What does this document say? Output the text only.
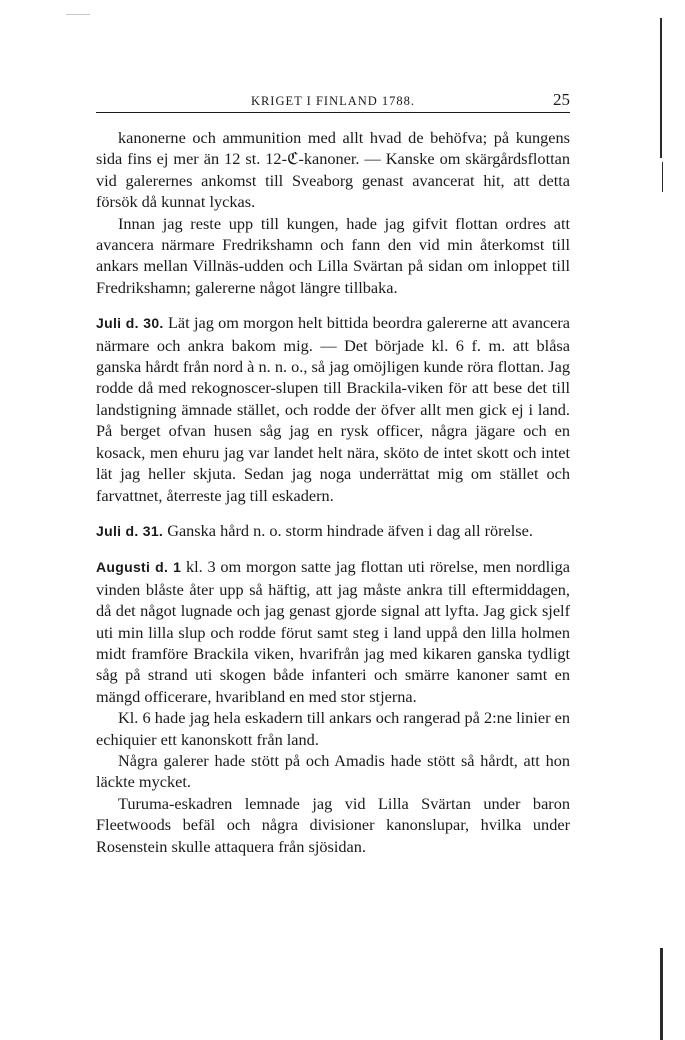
KRIGET I FINLAND 1788.	25

kanonerne och ammunition med allt hvad de behöfva; på kungens sida fins ej mer än 12 st. 12-ℭ-kanoner. — Kanske om skärgårdsflottan vid galerernes ankomst till Sveaborg genast avancerat hit, att detta försök då kunnat lyckas.

Innan jag reste upp till kungen, hade jag gifvit flottan ordres att avancera närmare Fredrikshamn och fann den vid min återkomst till ankars mellan Villnäs-udden och Lilla Svärtan på sidan om inloppet till Fredrikshamn; galererne något längre tillbaka.

Juli d. 30. Lät jag om morgon helt bittida beordra galererne att avancera närmare och ankra bakom mig. — Det började kl. 6 f. m. att blåsa ganska hårdt från nord à n. n. o., så jag omöjligen kunde röra flottan. Jag rodde då med rekognoscer-slupen till Brackila-viken för att bese det till landstigning ämnade stället, och rodde der öfver allt men gick ej i land. På berget ofvan husen såg jag en rysk officer, några jägare och en kosack, men ehuru jag var landet helt nära, sköto de intet skott och intet lät jag heller skjuta. Sedan jag noga underrättat mig om stället och farvattnet, återreste jag till eskadern.

Juli d. 31. Ganska hård n. o. storm hindrade äfven i dag all rörelse.

Augusti d. 1 kl. 3 om morgon satte jag flottan uti rörelse, men nordliga vinden blåste åter upp så häftig, att jag måste ankra till eftermiddagen, då det något lugnade och jag genast gjorde signal att lyfta. Jag gick sjelf uti min lilla slup och rodde förut samt steg i land uppå den lilla holmen midt framföre Brackila viken, hvarifrån jag med kikaren ganska tydligt såg på strand uti skogen både infanteri och smärre kanoner samt en mängd officerare, hvaribland en med stor stjerna.

Kl. 6 hade jag hela eskadern till ankars och rangerad på 2:ne linier en echiquier ett kanonskott från land.

Några galerer hade stött på och Amadis hade stött så hårdt, att hon läckte mycket.

Turuma-eskadren lemnade jag vid Lilla Svärtan under baron Fleetwoods befäl och några divisioner kanonslupar, hvilka under Rosenstein skulle attaquera från sjösidan.
